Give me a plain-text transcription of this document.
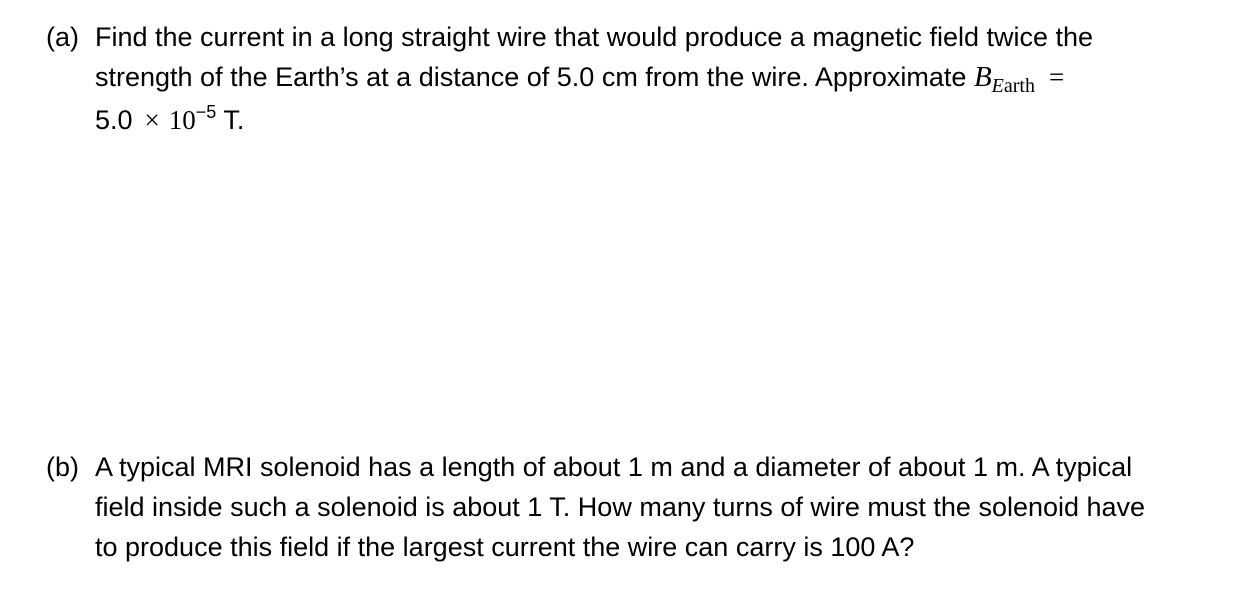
(a) Find the current in a long straight wire that would produce a magnetic field twice the
strength of the Earth’s at a distance of 5.0 cm from the wire. Approximate $B_{Earth}$ =
$5.0 \times 10^{-5}$ T.
(b) A typical MRI solenoid has a length of about 1 m and a diameter of about 1 m. A typical
field inside such a solenoid is about 1 T. How many turns of wire must the solenoid have
to produce this field if the largest current the wire can carry is 100 A?
